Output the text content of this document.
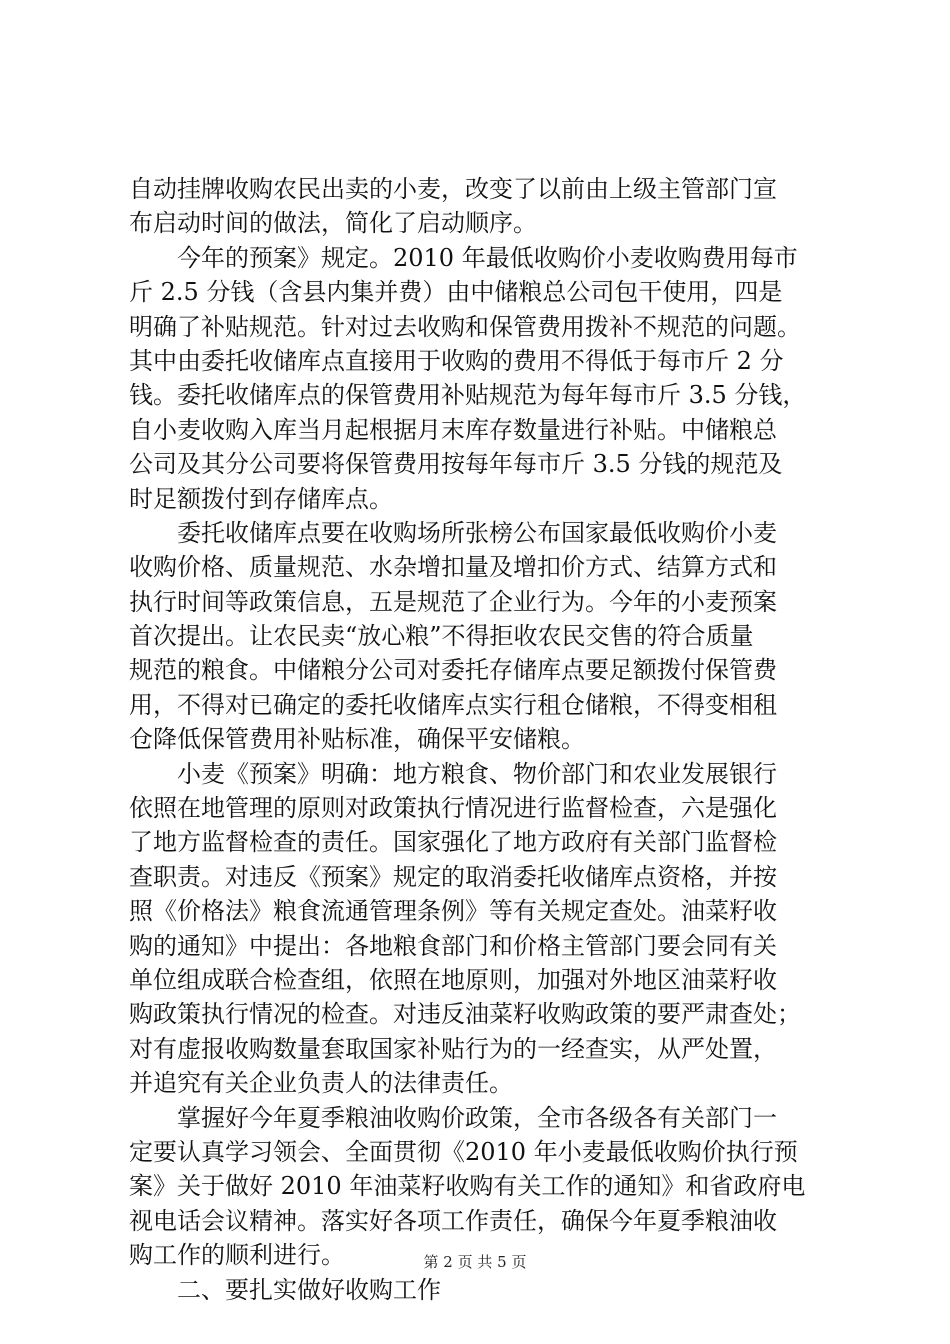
自动挂牌收购农民出卖的小麦，改变了以前由上级主管部门宣
布启动时间的做法，简化了启动顺序。
　　今年的预案》规定。2010 年最低收购价小麦收购费用每市
斤 2.5 分钱（含县内集并费）由中储粮总公司包干使用，四是
明确了补贴规范。针对过去收购和保管费用拨补不规范的问题。
其中由委托收储库点直接用于收购的费用不得低于每市斤 2 分
钱。委托收储库点的保管费用补贴规范为每年每市斤 3.5 分钱，
自小麦收购入库当月起根据月末库存数量进行补贴。中储粮总
公司及其分公司要将保管费用按每年每市斤 3.5 分钱的规范及
时足额拨付到存储库点。
　　委托收储库点要在收购场所张榜公布国家最低收购价小麦
收购价格、质量规范、水杂增扣量及增扣价方式、结算方式和
执行时间等政策信息，五是规范了企业行为。今年的小麦预案
首次提出。让农民卖“放心粮”不得拒收农民交售的符合质量
规范的粮食。中储粮分公司对委托存储库点要足额拨付保管费
用，不得对已确定的委托收储库点实行租仓储粮，不得变相租
仓降低保管费用补贴标准，确保平安储粮。
　　小麦《预案》明确：地方粮食、物价部门和农业发展银行
依照在地管理的原则对政策执行情况进行监督检查，六是强化
了地方监督检查的责任。国家强化了地方政府有关部门监督检
查职责。对违反《预案》规定的取消委托收储库点资格，并按
照《价格法》粮食流通管理条例》等有关规定查处。油菜籽收
购的通知》中提出：各地粮食部门和价格主管部门要会同有关
单位组成联合检查组，依照在地原则，加强对外地区油菜籽收
购政策执行情况的检查。对违反油菜籽收购政策的要严肃查处；
对有虚报收购数量套取国家补贴行为的一经查实，从严处置，
并追究有关企业负责人的法律责任。
　　掌握好今年夏季粮油收购价政策，全市各级各有关部门一
定要认真学习领会、全面贯彻《2010 年小麦最低收购价执行预
案》关于做好 2010 年油菜籽收购有关工作的通知》和省政府电
视电话会议精神。落实好各项工作责任，确保今年夏季粮油收
购工作的顺利进行。
　　二、要扎实做好收购工作
第 2 页 共 5 页
